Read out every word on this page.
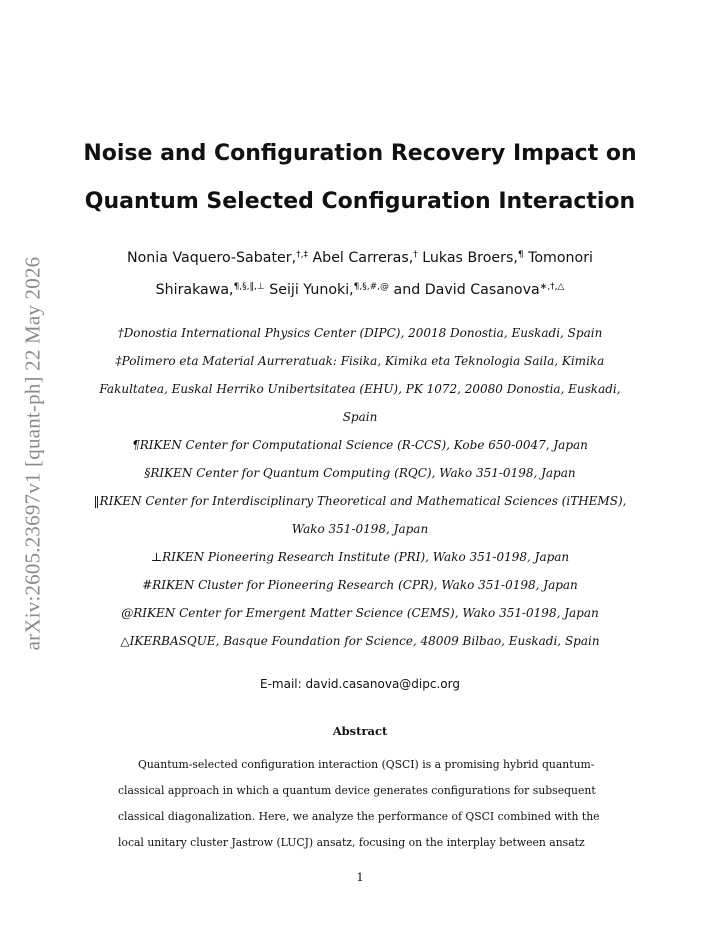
arXiv:2605.23697v1 [quant-ph] 22 May 2026
Noise and Configuration Recovery Impact on
Quantum Selected Configuration Interaction
Nonia Vaquero-Sabater,†,‡ Abel Carreras,† Lukas Broers,¶ Tomonori
Shirakawa,¶,§,‖,⊥ Seiji Yunoki,¶,§,#,@ and David Casanova∗,†,△
†Donostia International Physics Center (DIPC), 20018 Donostia, Euskadi, Spain
‡Polimero eta Material Aurreratuak: Fisika, Kimika eta Teknologia Saila, Kimika
Fakultatea, Euskal Herriko Unibertsitatea (EHU), PK 1072, 20080 Donostia, Euskadi,
Spain
¶RIKEN Center for Computational Science (R-CCS), Kobe 650-0047, Japan
§RIKEN Center for Quantum Computing (RQC), Wako 351-0198, Japan
‖RIKEN Center for Interdisciplinary Theoretical and Mathematical Sciences (iTHEMS),
Wako 351-0198, Japan
⊥RIKEN Pioneering Research Institute (PRI), Wako 351-0198, Japan
#RIKEN Cluster for Pioneering Research (CPR), Wako 351-0198, Japan
@RIKEN Center for Emergent Matter Science (CEMS), Wako 351-0198, Japan
△IKERBASQUE, Basque Foundation for Science, 48009 Bilbao, Euskadi, Spain
E-mail: david.casanova@dipc.org
Abstract
Quantum-selected configuration interaction (QSCI) is a promising hybrid quantum-
classical approach in which a quantum device generates configurations for subsequent
classical diagonalization. Here, we analyze the performance of QSCI combined with the
local unitary cluster Jastrow (LUCJ) ansatz, focusing on the interplay between ansatz
1
